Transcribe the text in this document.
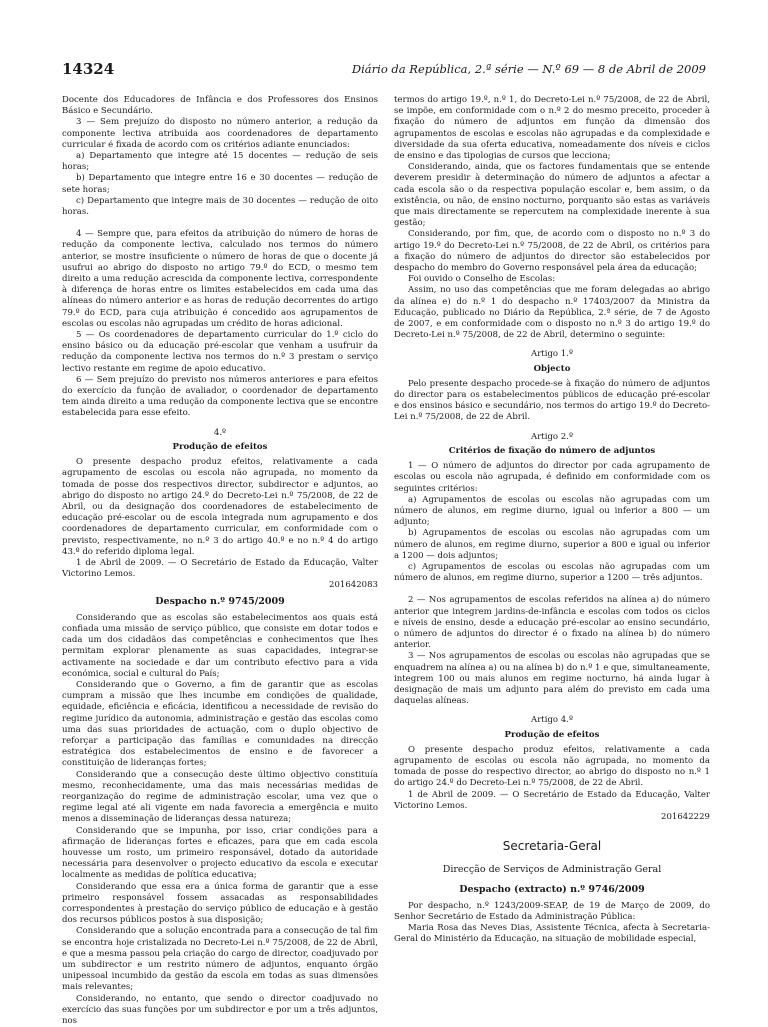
14324	Diário da República, 2.ª série — N.º 69 — 8 de Abril de 2009

Docente dos Educadores de Infância e dos Professores dos Ensinos Básico e Secundário.

3 — Sem prejuízo do disposto no número anterior, a redução da componente lectiva atribuída aos coordenadores de departamento curricular é fixada de acordo com os critérios adiante enunciados:

a) Departamento que integre até 15 docentes — redução de seis horas;

b) Departamento que integre entre 16 e 30 docentes — redução de sete horas;

c) Departamento que integre mais de 30 docentes — redução de oito horas.

4 — Sempre que, para efeitos da atribuição do número de horas de redução da componente lectiva, calculado nos termos do número anterior, se mostre insuficiente o número de horas de que o docente já usufrui ao abrigo do disposto no artigo 79.º do ECD, o mesmo tem direito a uma redução acrescida da componente lectiva, correspondente à diferença de horas entre os limites estabelecidos em cada uma das alíneas do número anterior e as horas de redução decorrentes do artigo 79.º do ECD, para cuja atribuição é concedido aos agrupamentos de escolas ou escolas não agrupadas um crédito de horas adicional.

5 — Os coordenadores de departamento curricular do 1.º ciclo do ensino básico ou da educação pré-escolar que venham a usufruir da redução da componente lectiva nos termos do n.º 3 prestam o serviço lectivo restante em regime de apoio educativo.

6 — Sem prejuízo do previsto nos números anteriores e para efeitos do exercício da função de avaliador, o coordenador de departamento tem ainda direito a uma redução da componente lectiva que se encontre estabelecida para esse efeito.

4.º

Produção de efeitos

O presente despacho produz efeitos, relativamente a cada agrupamento de escolas ou escola não agrupada, no momento da tomada de posse dos respectivos director, subdirector e adjuntos, ao abrigo do disposto no artigo 24.º do Decreto-Lei n.º 75/2008, de 22 de Abril, ou da designação dos coordenadores de estabelecimento de educação pré-escolar ou de escola integrada num agrupamento e dos coordenadores de departamento curricular, em conformidade com o previsto, respectivamente, no n.º 3 do artigo 40.º e no n.º 4 do artigo 43.º do referido diploma legal.

1 de Abril de 2009. — O Secretário de Estado da Educação, Valter Victorino Lemos.

201642083

Despacho n.º 9745/2009

Considerando que as escolas são estabelecimentos aos quais está confiada uma missão de serviço público, que consiste em dotar todos e cada um dos cidadãos das competências e conhecimentos que lhes permitam explorar plenamente as suas capacidades, integrar-se activamente na sociedade e dar um contributo efectivo para a vida económica, social e cultural do País;

Considerando que o Governo, a fim de garantir que as escolas cumpram a missão que lhes incumbe em condições de qualidade, equidade, eficiência e eficácia, identificou a necessidade de revisão do regime jurídico da autonomia, administração e gestão das escolas como uma das suas prioridades de actuação, com o duplo objectivo de reforçar a participação das famílias e comunidades na direcção estratégica dos estabelecimentos de ensino e de favorecer a constituição de lideranças fortes;

Considerando que a consecução deste último objectivo constituía mesmo, reconhecidamente, uma das mais necessárias medidas de reorganização do regime de administração escolar, uma vez que o regime legal até ali vigente em nada favorecia a emergência e muito menos a disseminação de lideranças dessa natureza;

Considerando que se impunha, por isso, criar condições para a afirmação de lideranças fortes e eficazes, para que em cada escola houvesse um rosto, um primeiro responsável, dotado da autoridade necessária para desenvolver o projecto educativo da escola e executar localmente as medidas de política educativa;

Considerando que essa era a única forma de garantir que a esse primeiro responsável fossem assacadas as responsabilidades correspondentes à prestação do serviço público de educação e à gestão dos recursos públicos postos à sua disposição;

Considerando que a solução encontrada para a consecução de tal fim se encontra hoje cristalizada no Decreto-Lei n.º 75/2008, de 22 de Abril, e que a mesma passou pela criação do cargo de director, coadjuvado por um subdirector e um restrito número de adjuntos, enquanto órgão unipessoal incumbido da gestão da escola em todas as suas dimensões mais relevantes;

Considerando, no entanto, que sendo o director coadjuvado no exercício das suas funções por um subdirector e por um a três adjuntos, nos

termos do artigo 19.º, n.º 1, do Decreto-Lei n.º 75/2008, de 22 de Abril, se impõe, em conformidade com o n.º 2 do mesmo preceito, proceder à fixação do número de adjuntos em função da dimensão dos agrupamentos de escolas e escolas não agrupadas e da complexidade e diversidade da sua oferta educativa, nomeadamente dos níveis e ciclos de ensino e das tipologias de cursos que lecciona;

Considerando, ainda, que os factores fundamentais que se entende deverem presidir à determinação do número de adjuntos a afectar a cada escola são o da respectiva população escolar e, bem assim, o da existência, ou não, de ensino nocturno, porquanto são estas as variáveis que mais directamente se repercutem na complexidade inerente à sua gestão;

Considerando, por fim, que, de acordo com o disposto no n.º 3 do artigo 19.º do Decreto-Lei n.º 75/2008, de 22 de Abril, os critérios para a fixação do número de adjuntos do director são estabelecidos por despacho do membro do Governo responsável pela área da educação;

Foi ouvido o Conselho de Escolas:

Assim, no uso das competências que me foram delegadas ao abrigo da alínea e) do n.º 1 do despacho n.º 17403/2007 da Ministra da Educação, publicado no Diário da República, 2.ª série, de 7 de Agosto de 2007, e em conformidade com o disposto no n.º 3 do artigo 19.º do Decreto-Lei n.º 75/2008, de 22 de Abril, determino o seguinte:

Artigo 1.º

Objecto

Pelo presente despacho procede-se à fixação do número de adjuntos do director para os estabelecimentos públicos de educação pré-escolar e dos ensinos básico e secundário, nos termos do artigo 19.º do Decreto-Lei n.º 75/2008, de 22 de Abril.

Artigo 2.º

Critérios de fixação do número de adjuntos

1 — O número de adjuntos do director por cada agrupamento de escolas ou escola não agrupada, é definido em conformidade com os seguintes critérios:

a) Agrupamentos de escolas ou escolas não agrupadas com um número de alunos, em regime diurno, igual ou inferior a 800 — um adjunto;

b) Agrupamentos de escolas ou escolas não agrupadas com um número de alunos, em regime diurno, superior a 800 e igual ou inferior a 1200 — dois adjuntos;

c) Agrupamentos de escolas ou escolas não agrupadas com um número de alunos, em regime diurno, superior a 1200 — três adjuntos.

2 — Nos agrupamentos de escolas referidos na alínea a) do número anterior que integrem jardins-de-infância e escolas com todos os ciclos e níveis de ensino, desde a educação pré-escolar ao ensino secundário, o número de adjuntos do director é o fixado na alínea b) do número anterior.

3 — Nos agrupamentos de escolas ou escolas não agrupadas que se enquadrem na alínea a) ou na alínea b) do n.º 1 e que, simultaneamente, integrem 100 ou mais alunos em regime nocturno, há ainda lugar à designação de mais um adjunto para além do previsto em cada uma daquelas alíneas.

Artigo 4.º

Produção de efeitos

O presente despacho produz efeitos, relativamente a cada agrupamento de escolas ou escola não agrupada, no momento da tomada de posse do respectivo director, ao abrigo do disposto no n.º 1 do artigo 24.º do Decreto-Lei n.º 75/2008, de 22 de Abril.

1 de Abril de 2009. — O Secretário de Estado da Educação, Valter Victorino Lemos.

201642229

Secretaria-Geral

Direcção de Serviços de Administração Geral

Despacho (extracto) n.º 9746/2009

Por despacho, n.º 1243/2009-SEAP, de 19 de Março de 2009, do Senhor Secretário de Estado da Administração Pública:

Maria Rosa das Neves Dias, Assistente Técnica, afecta à Secretaria-Geral do Ministério da Educação, na situação de mobilidade especial,
